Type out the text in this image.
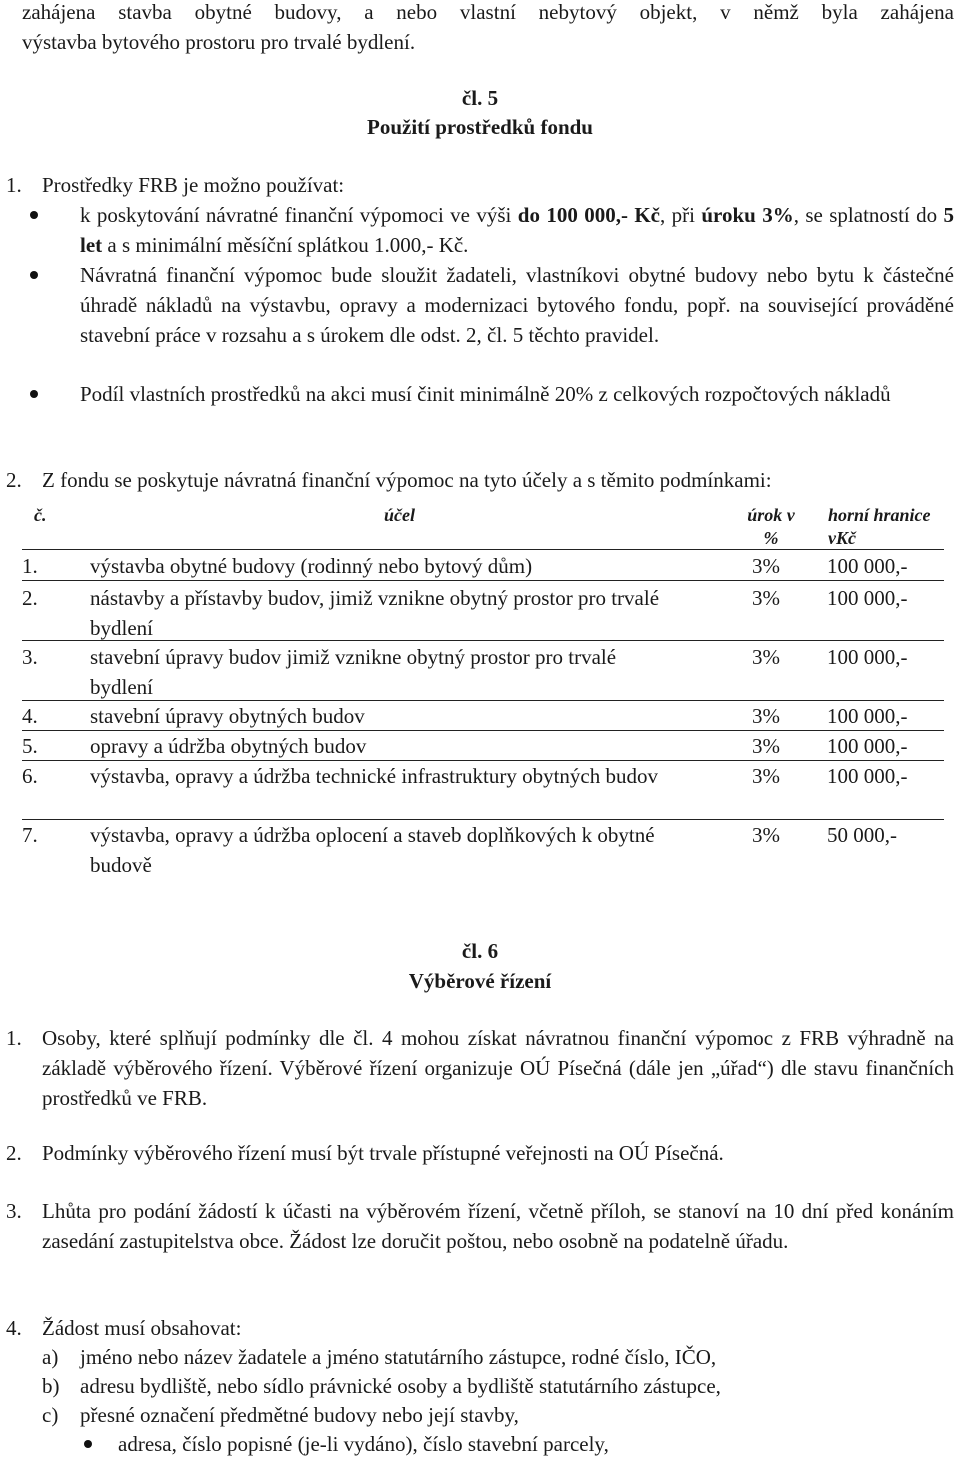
zahájena stavba obytné budovy, a nebo vlastní nebytový objekt, v němž byla zahájena

výstavba bytového prostoru pro trvalé bydlení.

čl. 5

Použití prostředků fondu

1. Prostředky FRB je možno používat:

k poskytování návratné finanční výpomoci ve výši do 100 000,- Kč, při úroku 3%, se splatností do 5 let a s minimální měsíční splátkou 1.000,- Kč.

Návratná finanční výpomoc bude sloužit žadateli, vlastníkovi obytné budovy nebo bytu k částečné úhradě nákladů na výstavbu, opravy a modernizaci bytového fondu, popř. na související prováděné stavební práce v rozsahu a s úrokem dle odst. 2, čl. 5 těchto pravidel.

Podíl vlastních prostředků na akci musí činit minimálně 20% z celkových rozpočtových nákladů

2. Z fondu se poskytuje návratná finanční výpomoc na tyto účely a s těmito podmínkami:

č.	účel	úrok v %
horní hranice vKč
1. výstavba obytné budovy (rodinný nebo bytový dům)	3% 100 000,-
2. nástavby a přístavby budov, jimiž vznikne obytný prostor pro trvalé bydlení
3% 100 000,-
3. stavební úpravy budov jimiž vznikne obytný prostor pro trvalé bydlení
3% 100 000,-
4. stavební úpravy obytných budov	3% 100 000,-
5. opravy a údržba obytných budov	3% 100 000,-
6. výstavba, opravy a údržba technické infrastruktury obytných budov	3% 100 000,-
7. výstavba, opravy a údržba oplocení a staveb doplňkových k obytné budově
3% 50 000,-

čl. 6

Výběrové řízení

1. Osoby, které splňují podmínky dle čl. 4 mohou získat návratnou finanční výpomoc z FRB výhradně na základě výběrového řízení. Výběrové řízení organizuje OÚ Písečná (dále jen „úřad“) dle stavu finančních prostředků ve FRB.

2. Podmínky výběrového řízení musí být trvale přístupné veřejnosti na OÚ Písečná.

3. Lhůta pro podání žádostí k účasti na výběrovém řízení, včetně příloh, se stanoví na 10 dní před konáním zasedání zastupitelstva obce. Žádost lze doručit poštou, nebo osobně na podatelně úřadu.

4. Žádost musí obsahovat:

a) jméno nebo název žadatele a jméno statutárního zástupce, rodné číslo, IČO,
b) adresu bydliště, nebo sídlo právnické osoby a bydliště statutárního zástupce,
c) přesné označení předmětné budovy nebo její stavby,
adresa, číslo popisné (je-li vydáno), číslo stavební parcely,
